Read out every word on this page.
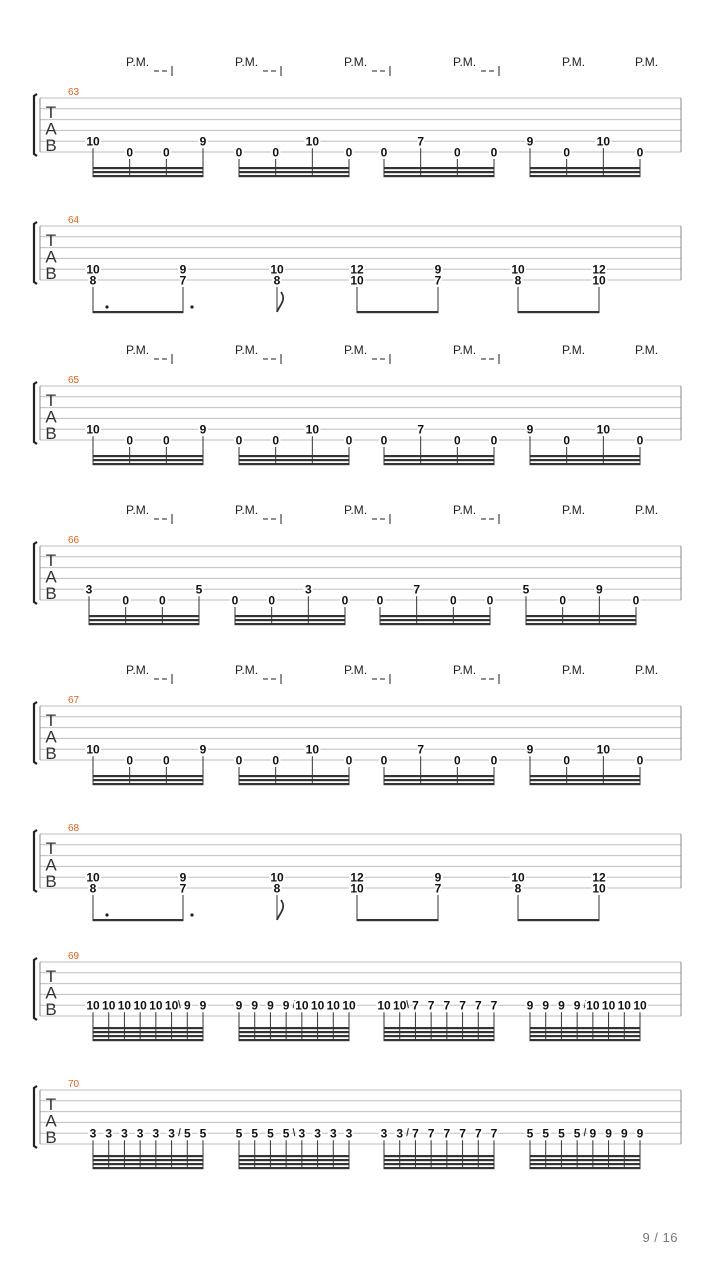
T
A
B
63
P.M.	P.M.	P.M.	P.M.	P.M.	P.M.
10
0 0
9
0 0
10
0 0
7
0 0
9
0
10
0
T
A
B
64
10
8
9
7
10
8
12
10
9
7
10
8
12
10
T
A
B
65
P.M.	P.M.	P.M.	P.M.	P.M.	P.M.
10
0 0
9
0 0
10
0 0
7
0 0
9
0
10
0
T
A
B
66
P.M.	P.M.	P.M.	P.M.	P.M.	P.M.
3
0 0
5
0 0
3
0 0
7
0 0
5
0
9
0
T
A
B
67
P.M.	P.M.	P.M.	P.M.	P.M.	P.M.
10
0 0
9
0 0
10
0 0
7
0 0
9
0
10
0
T
A
B
68
10
8
9
7
10
8
12
10
9
7
10
8
12
10
T
A
B
69
10 10 10 10 10 10 9 9 9 9 9 9 10 10 10 10 10 10 7 7 7 7 7 7 9 9 9 9 10 10 10 10
T
A
B
70
3 3 3 3 3 3 5 5 5 5 5 5 3 3 3 3 3 3 7 7 7 7 7 7 5 5 5 5 9 9 9 9
9 / 16
